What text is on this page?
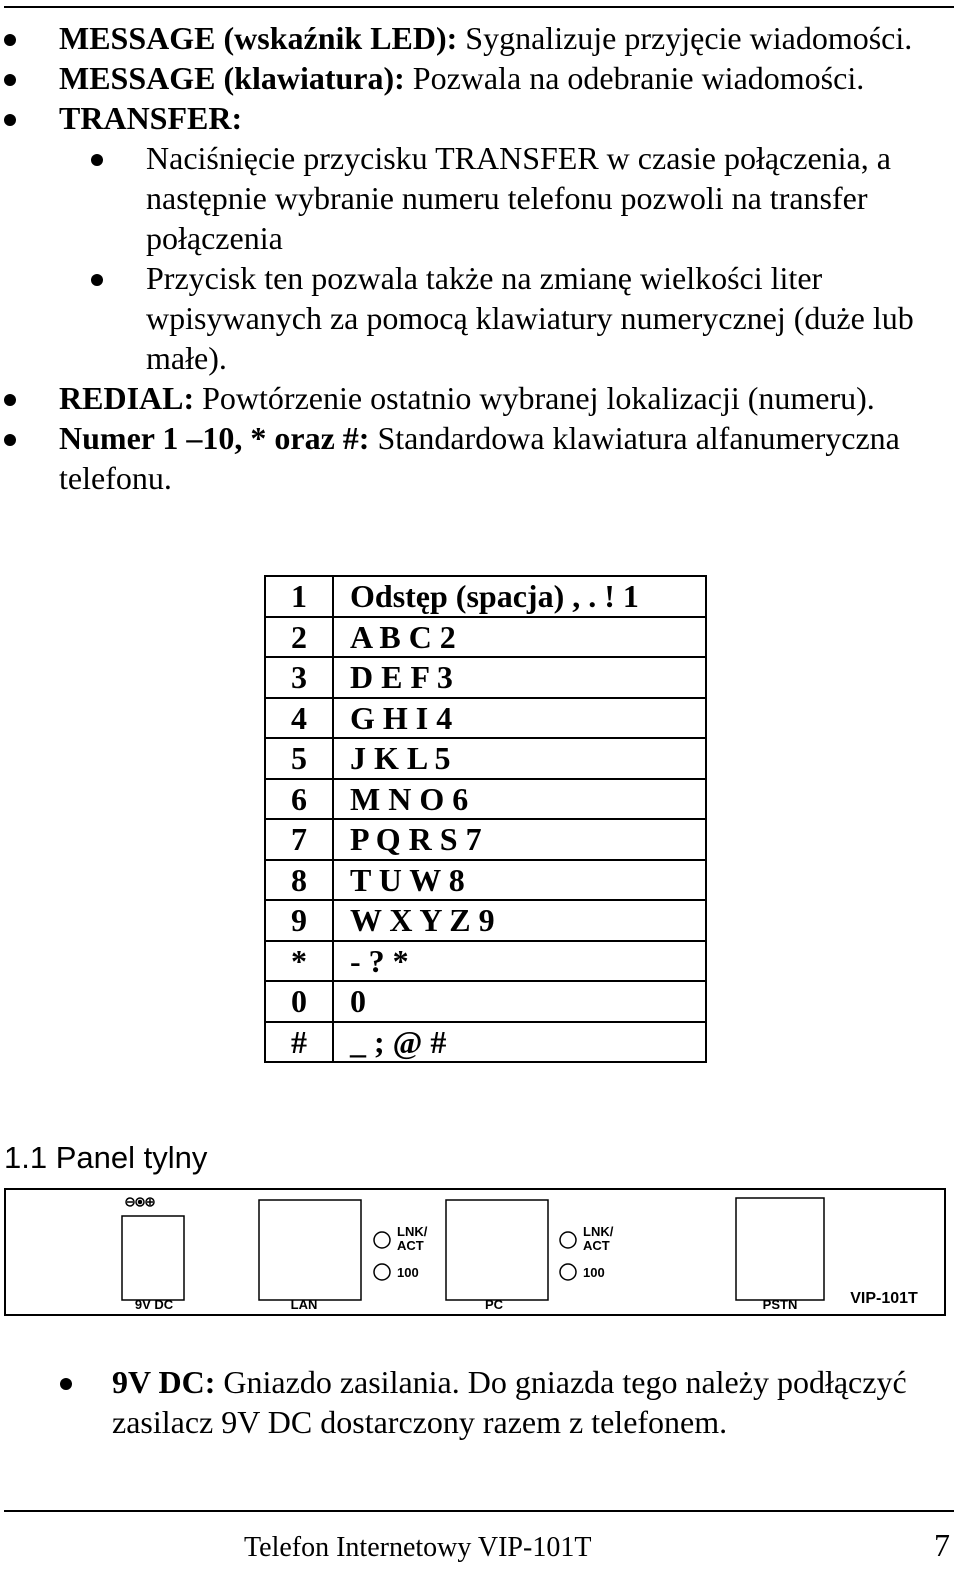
MESSAGE (wskaźnik LED): Sygnalizuje przyjęcie wiadomości.
MESSAGE (klawiatura): Pozwala na odebranie wiadomości.
TRANSFER:
Naciśnięcie przycisku TRANSFER w czasie połączenia, a następnie wybranie numeru telefonu pozwoli na transfer połączenia
Przycisk ten pozwala także na zmianę wielkości liter wpisywanych za pomocą klawiatury numerycznej (duże lub małe).
REDIAL: Powtórzenie ostatnio wybranej lokalizacji (numeru).
Numer 1 –10, * oraz #: Standardowa klawiatura alfanumeryczna telefonu.
1	Odstęp (spacja) , . ! 1
2	A B C 2
3	D E F 3
4	G H I 4
5	J K L 5
6	M N O 6
7	P Q R S 7
8	T U W 8
9	W X Y Z 9
*	- ? *
0	0
#	_ ; @ #
1.1 Panel tylny
9V DC	LAN
LNK/
ACT
100
PC
LNK/
ACT
100
PSTN	VIP-101T
9V DC: Gniazdo zasilania. Do gniazda tego należy podłączyć zasilacz 9V DC dostarczony razem z telefonem.
Telefon Internetowy VIP-101T	7
